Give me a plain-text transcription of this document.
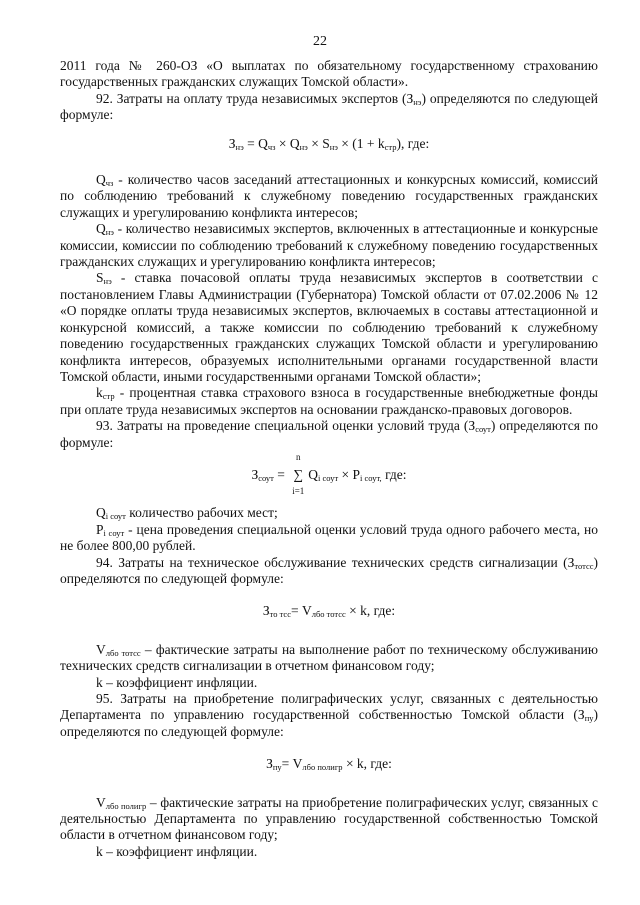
22

2011 года № 260-ОЗ «О выплатах по обязательному государственному страхованию государственных гражданских служащих Томской области».

92. Затраты на оплату труда независимых экспертов $(З_{нэ})$ определяются по следующей формуле:

$З_{нэ} = Q_{чз} \times Q_{нэ} \times S_{нэ} \times (1 + k_{стр})$, где:

$Q_{чз}$ - количество часов заседаний аттестационных и конкурсных комиссий, комиссий по соблюдению требований к служебному поведению государственных гражданских служащих и урегулированию конфликта интересов;

$Q_{нэ}$ - количество независимых экспертов, включенных в аттестационные и конкурсные комиссии, комиссии по соблюдению требований к служебному поведению государственных гражданских служащих и урегулированию конфликта интересов;

$S_{нэ}$ - ставка почасовой оплаты труда независимых экспертов в соответствии с постановлением Главы Администрации (Губернатора) Томской области от 07.02.2006 № 12 «О порядке оплаты труда независимых экспертов, включаемых в составы аттестационной и конкурсной комиссий, а также комиссии по соблюдению требований к служебному поведению государственных гражданских служащих Томской области и урегулированию конфликта интересов, образуемых исполнительными органами государственной власти Томской области, иными государственными органами Томской области»;

$k_{стр}$ - процентная ставка страхового взноса в государственные внебюджетные фонды при оплате труда независимых экспертов на основании гражданско-правовых договоров.

93. Затраты на проведение специальной оценки условий труда $(З_{соут})$ определяются по формуле:

$З_{соут}$ =
n
∑
i=1
$Q_{i соут} \times P_{i соут,}$ где:

$Q_{i соут}$ количество рабочих мест;

$P_{i соут}$ - цена проведения специальной оценки условий труда одного рабочего места, но не более 800,00 рублей.

94. Затраты на техническое обслуживание технических средств сигнализации $(З_{тотсс})$ определяются по следующей формуле:

$З_{то тсс}= V_{лбо тотсс} \times k$, где:

$V_{лбо тотсс}$ – фактические затраты на выполнение работ по техническому обслуживанию технических средств сигнализации в отчетном финансовом году;

k – коэффициент инфляции.

95. Затраты на приобретение полиграфических услуг, связанных с деятельностью Департамента по управлению государственной собственностью Томской области $(З_{пу})$ определяются по следующей формуле:

$З_{пу}= V_{лбо полигр} \times k$, где:

$V_{лбо полигр}$ – фактические затраты на приобретение полиграфических услуг, связанных с деятельностью Департамента по управлению государственной собственностью Томской области в отчетном финансовом году;

k – коэффициент инфляции.
